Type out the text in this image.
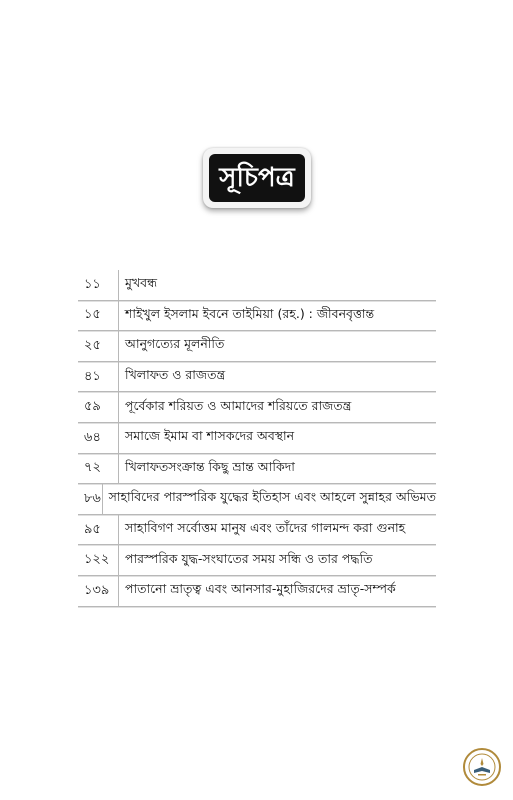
সূচিপত্র
১১	মুখবন্ধ
১৫	শাইখুল ইসলাম ইবনে তাইমিয়া (রহ.) : জীবনবৃত্তান্ত
২৫	আনুগত্যের মূলনীতি
৪১	খিলাফত ও রাজতন্ত্র
৫৯	পূর্বেকার শরিয়ত ও আমাদের শরিয়তে রাজতন্ত্র
৬৪	সমাজে ইমাম বা শাসকদের অবস্থান
৭২	খিলাফতসংক্রান্ত কিছু ভ্রান্ত আকিদা
৮৬ সাহাবিদের পারস্পরিক যুদ্ধের ইতিহাস এবং আহলে সুন্নাহর অভিমত
৯৫	সাহাবিগণ সর্বোত্তম মানুষ এবং তাঁদের গালমন্দ করা গুনাহ
১২২	পারস্পরিক যুদ্ধ-সংঘাতের সময় সন্ধি ও তার পদ্ধতি
১৩৯	পাতানো ভ্রাতৃত্ব এবং আনসার-মুহাজিরদের ভ্রাতৃ-সম্পর্ক
